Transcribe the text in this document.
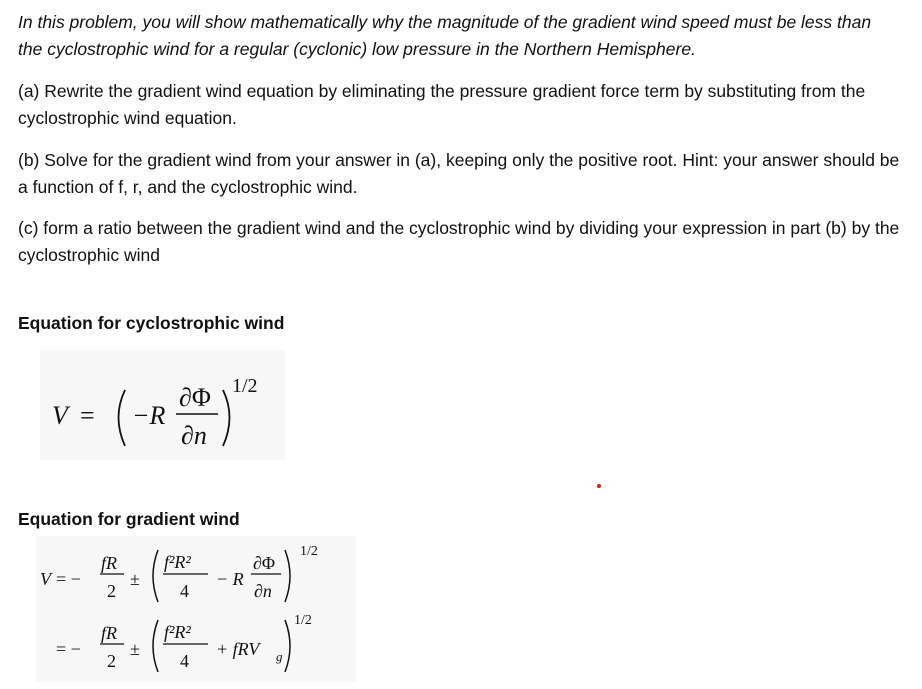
In this problem, you will show mathematically why the magnitude of the gradient wind speed must be less than the cyclostrophic wind for a regular (cyclonic) low pressure in the Northern Hemisphere.

(a) Rewrite the gradient wind equation by eliminating the pressure gradient force term by substituting from the cyclostrophic wind equation.

(b) Solve for the gradient wind from your answer in (a), keeping only the positive root. Hint: your answer should be a function of f, r, and the cyclostrophic wind.

(c) form a ratio between the gradient wind and the cyclostrophic wind by dividing your expression in part (b) by the cyclostrophic wind

Equation for cyclostrophic wind

V = −R
∂Φ
∂n
1/2

Equation for gradient wind

V = −
fR
2
±
f²R²
4
− R
∂Φ
∂n
1/2
= −
fR
2
±
f²R²
4
+ fRV g
1/2
